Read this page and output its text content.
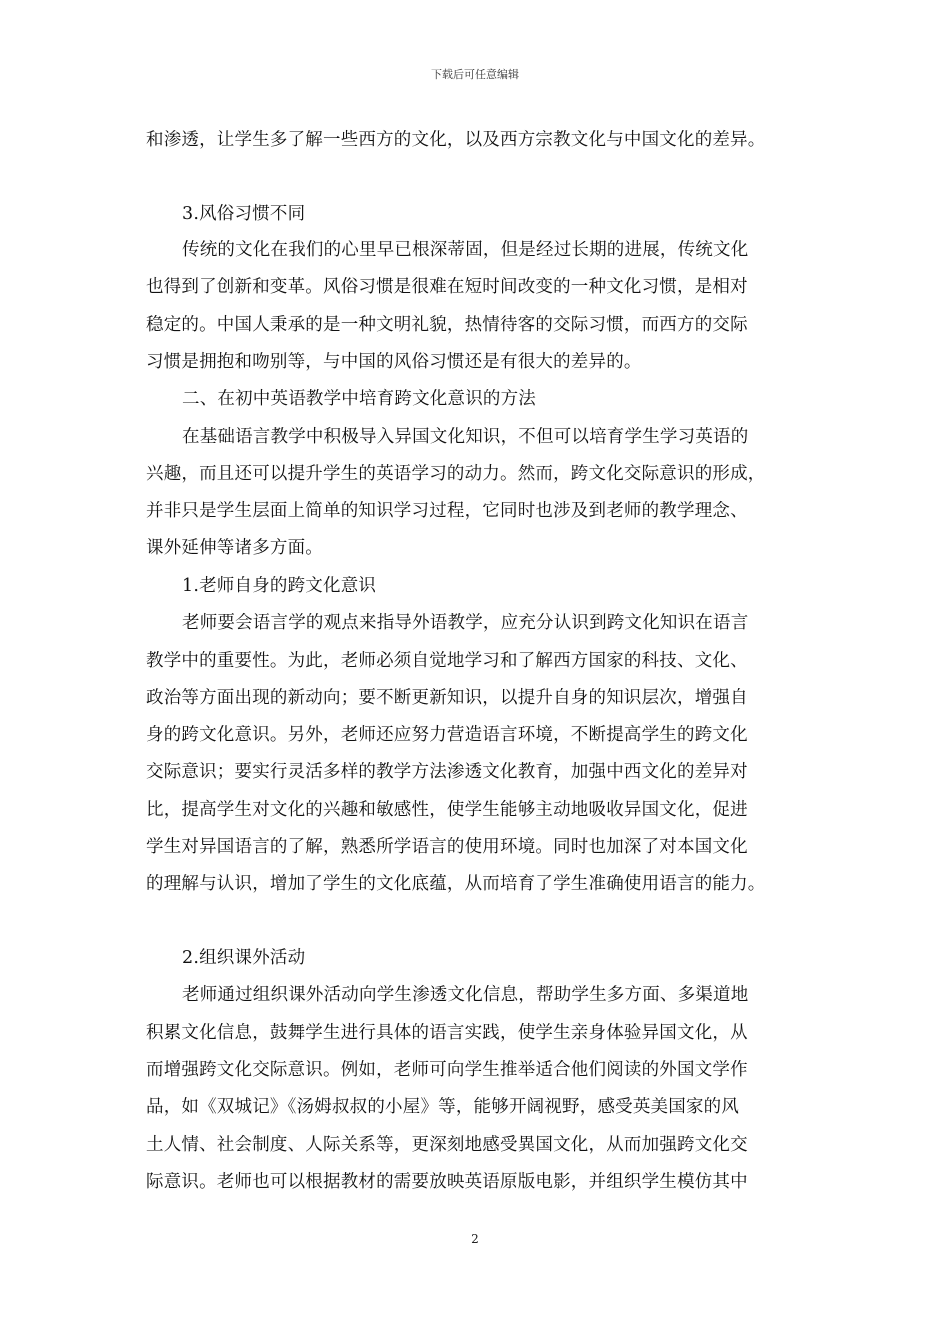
下载后可任意编辑
和渗透，让学生多了解一些西方的文化，以及西方宗教文化与中国文化的差异。
3.风俗习惯不同
传统的文化在我们的心里早已根深蒂固，但是经过长期的进展，传统文化
也得到了创新和变革。风俗习惯是很难在短时间改变的一种文化习惯，是相对
稳定的。中国人秉承的是一种文明礼貌，热情待客的交际习惯，而西方的交际
习惯是拥抱和吻别等，与中国的风俗习惯还是有很大的差异的。
二、在初中英语教学中培育跨文化意识的方法
在基础语言教学中积极导入异国文化知识，不但可以培育学生学习英语的
兴趣，而且还可以提升学生的英语学习的动力。然而，跨文化交际意识的形成，
并非只是学生层面上简单的知识学习过程，它同时也涉及到老师的教学理念、
课外延伸等诸多方面。
1.老师自身的跨文化意识
老师要会语言学的观点来指导外语教学，应充分认识到跨文化知识在语言
教学中的重要性。为此，老师必须自觉地学习和了解西方国家的科技、文化、
政治等方面出现的新动向；要不断更新知识，以提升自身的知识层次，增强自
身的跨文化意识。另外，老师还应努力营造语言环境，不断提高学生的跨文化
交际意识；要实行灵活多样的教学方法渗透文化教育，加强中西文化的差异对
比，提高学生对文化的兴趣和敏感性，使学生能够主动地吸收异国文化，促进
学生对异国语言的了解，熟悉所学语言的使用环境。同时也加深了对本国文化
的理解与认识，增加了学生的文化底蕴，从而培育了学生准确使用语言的能力。
2.组织课外活动
老师通过组织课外活动向学生渗透文化信息，帮助学生多方面、多渠道地
积累文化信息，鼓舞学生进行具体的语言实践，使学生亲身体验异国文化，从
而增强跨文化交际意识。例如，老师可向学生推举适合他们阅读的外国文学作
品，如《双城记》《汤姆叔叔的小屋》等，能够开阔视野，感受英美国家的风
土人情、社会制度、人际关系等，更深刻地感受異国文化，从而加强跨文化交
际意识。老师也可以根据教材的需要放映英语原版电影，并组织学生模仿其中
2
